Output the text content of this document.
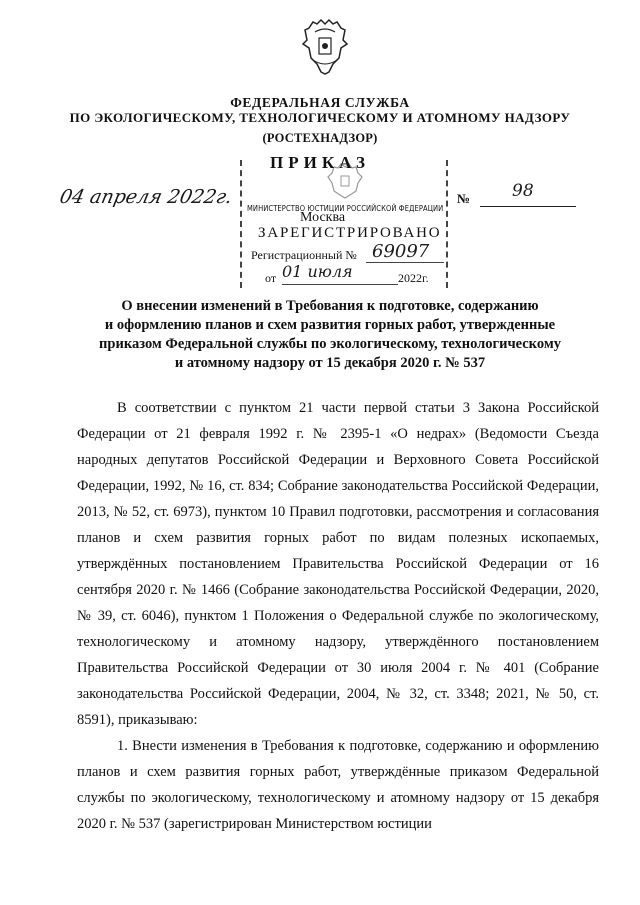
ФЕДЕРАЛЬНАЯ СЛУЖБА
ПО ЭКОЛОГИЧЕСКОМУ, ТЕХНОЛОГИЧЕСКОМУ И АТОМНОМУ НАДЗОРУ
(РОСТЕХНАДЗОР)
ПРИКАЗ
04 апреля 2022г.	№ 98
МИНИСТЕРСТВО ЮСТИЦИИ РОССИЙСКОЙ ФЕДЕРАЦИИ
Москва
ЗАРЕГИСТРИРОВАНО
Регистрационный № 69097
от 01 июля	2022г.
О внесении изменений в Требования к подготовке, содержанию
и оформлению планов и схем развития горных работ, утвержденные
приказом Федеральной службы по экологическому, технологическому
и атомному надзору от 15 декабря 2020 г. № 537

В соответствии с пунктом 21 части первой статьи 3 Закона Российской Федерации от 21 февраля 1992 г. № 2395-1 «О недрах» (Ведомости Съезда народных депутатов Российской Федерации и Верховного Совета Российской Федерации, 1992, № 16, ст. 834; Собрание законодательства Российской Федерации, 2013, № 52, ст. 6973), пунктом 10 Правил подготовки, рассмотрения и согласования планов и схем развития горных работ по видам полезных ископаемых, утверждённых постановлением Правительства Российской Федерации от 16 сентября 2020 г. № 1466 (Собрание законодательства Российской Федерации, 2020, № 39, ст. 6046), пунктом 1 Положения о Федеральной службе по экологическому, технологическому и атомному надзору, утверждённого постановлением Правительства Российской Федерации от 30 июля 2004 г. № 401 (Собрание законодательства Российской Федерации, 2004, № 32, ст. 3348; 2021, № 50, ст. 8591), приказываю:

1. Внести изменения в Требования к подготовке, содержанию и оформлению планов и схем развития горных работ, утверждённые приказом Федеральной службы по экологическому, технологическому и атомному надзору от 15 декабря 2020 г. № 537 (зарегистрирован Министерством юстиции
